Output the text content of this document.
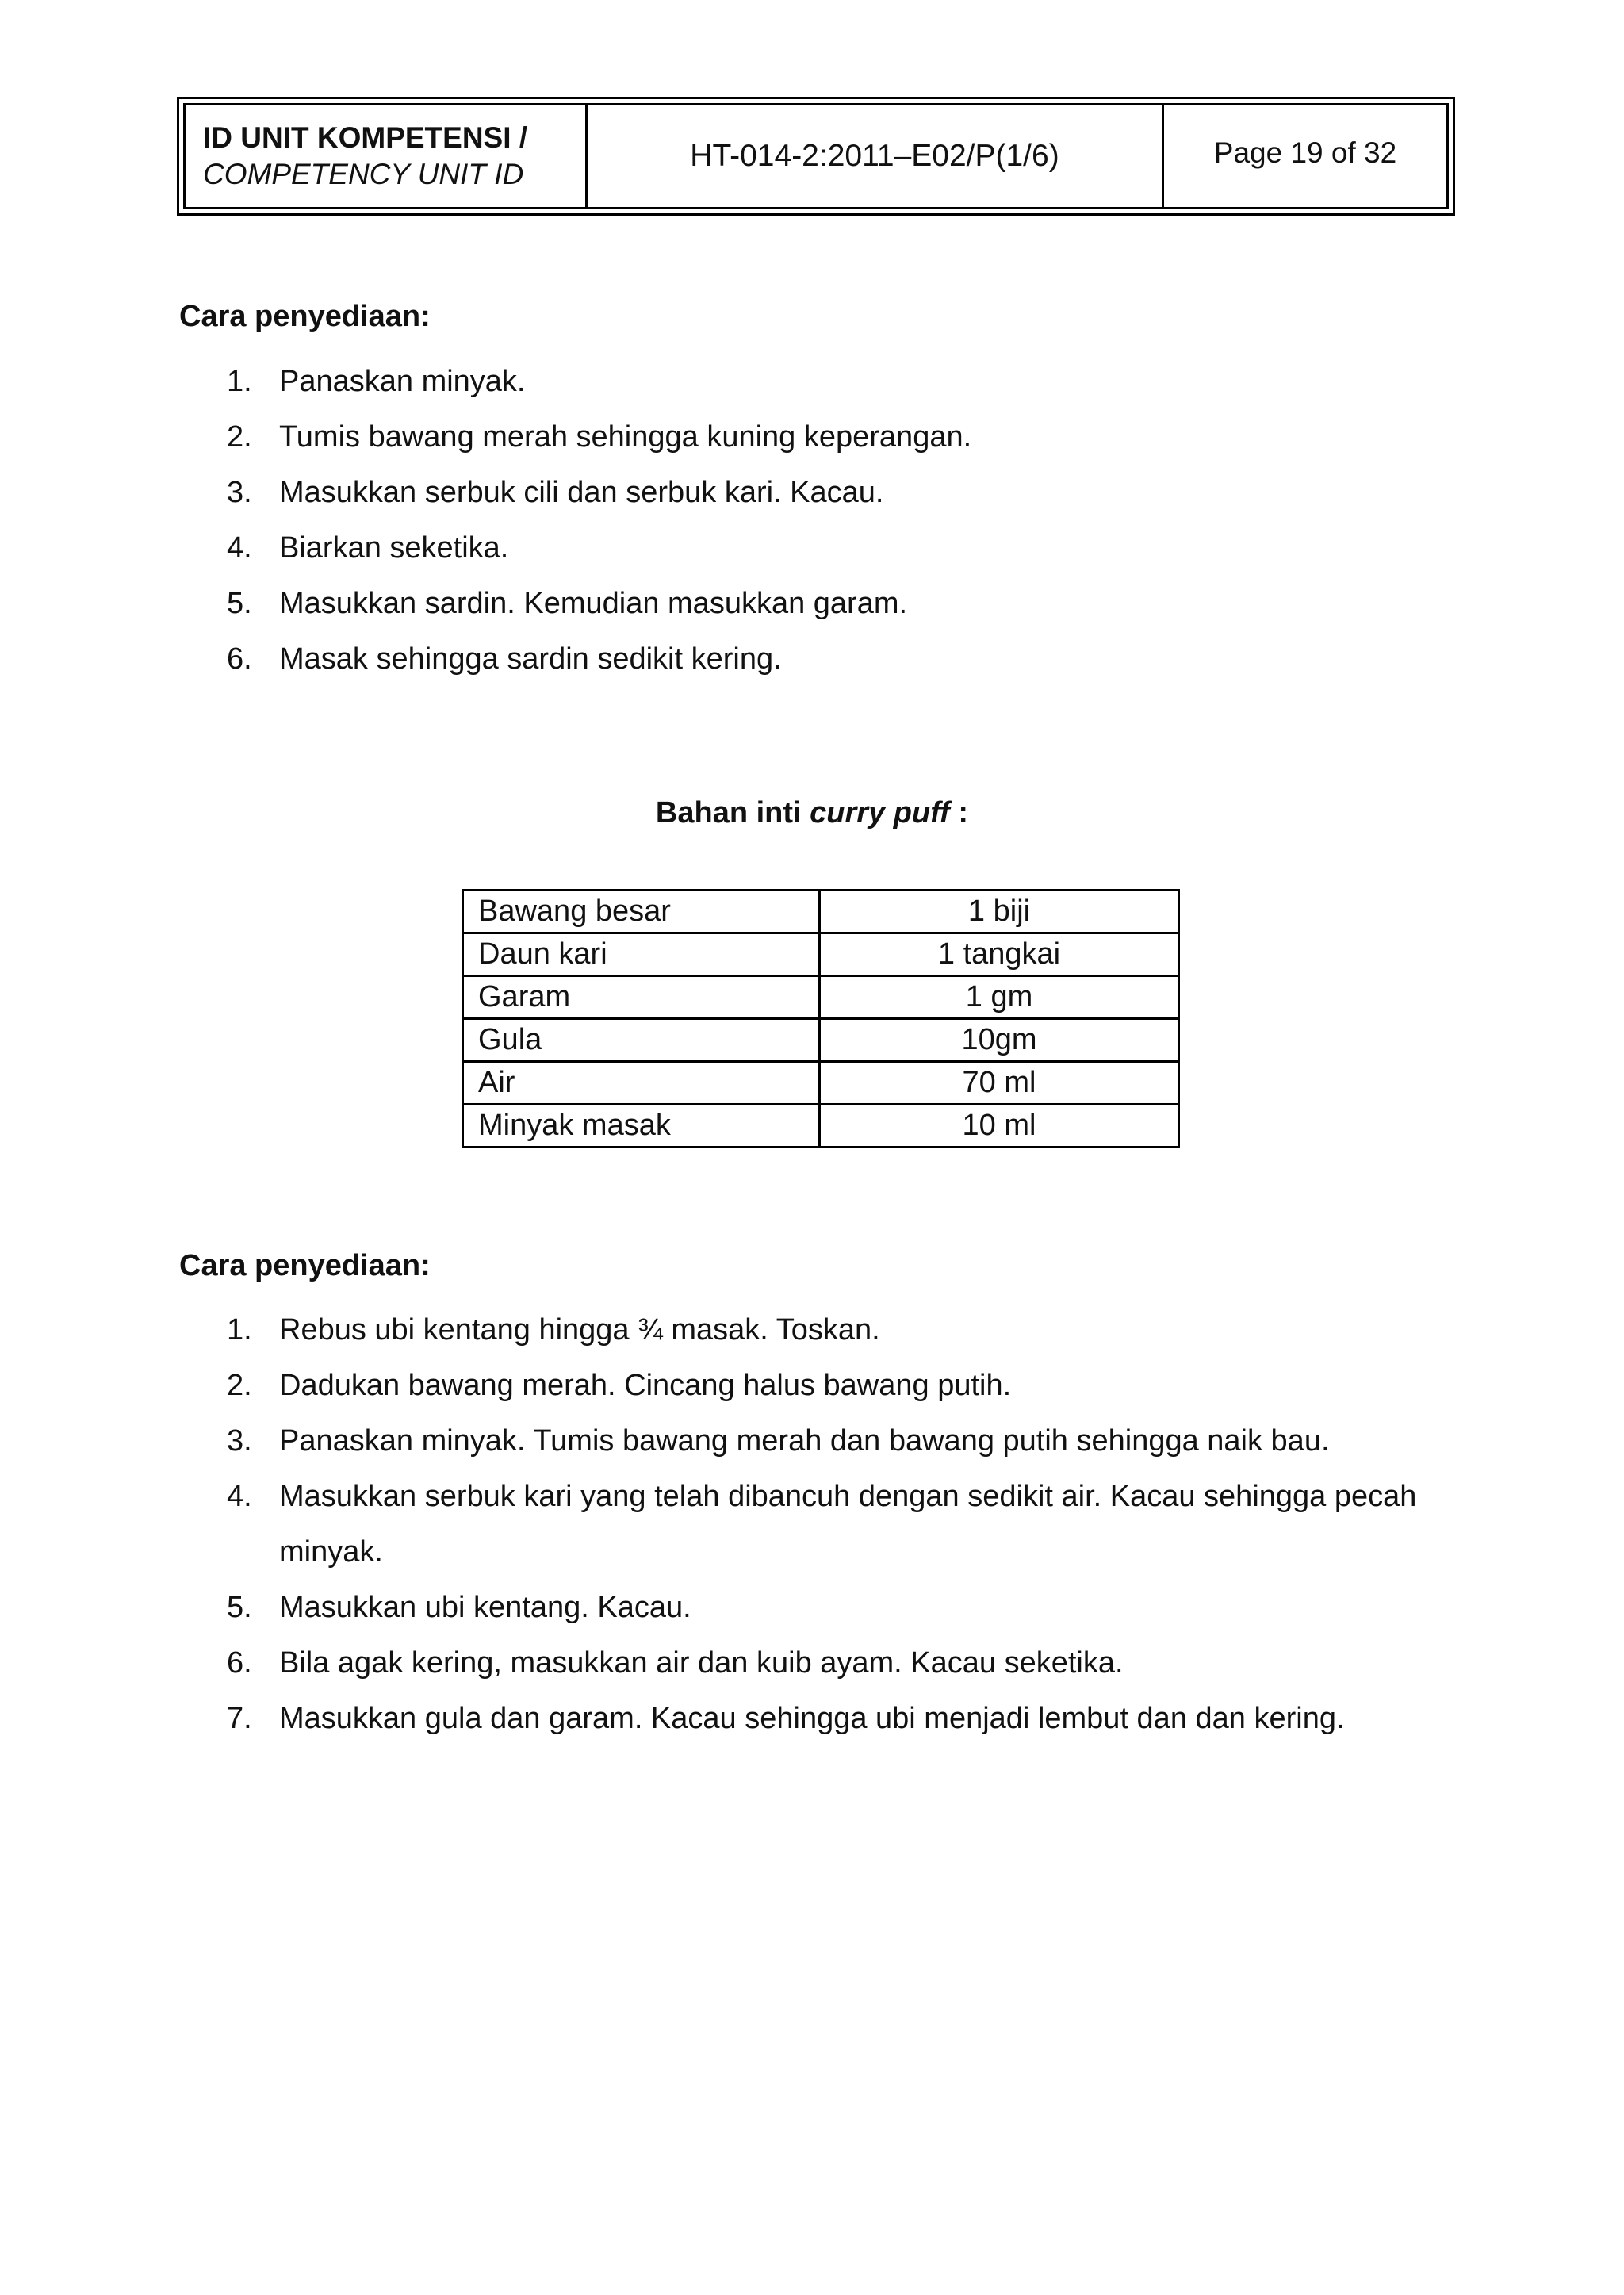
ID UNIT KOMPETENSI /
COMPETENCY UNIT ID
HT-014-2:2011–E02/P(1/6)	Page 19 of 32
Cara penyediaan:
1. Panaskan minyak.
2. Tumis bawang merah sehingga kuning keperangan.
3. Masukkan serbuk cili dan serbuk kari. Kacau.
4. Biarkan seketika.
5. Masukkan sardin. Kemudian masukkan garam.
6. Masak sehingga sardin sedikit kering.
Bahan inti curry puff :
Bawang besar	1 biji
Daun kari	1 tangkai
Garam	1 gm
Gula	10gm
Air	70 ml
Minyak masak	10 ml
Cara penyediaan:
1. Rebus ubi kentang hingga ¾ masak. Toskan.
2. Dadukan bawang merah. Cincang halus bawang putih.
3. Panaskan minyak. Tumis bawang merah dan bawang putih sehingga naik bau.
4. Masukkan serbuk kari yang telah dibancuh dengan sedikit air. Kacau sehingga pecah minyak.
5. Masukkan ubi kentang. Kacau.
6. Bila agak kering, masukkan air dan kuib ayam. Kacau seketika.
7. Masukkan gula dan garam. Kacau sehingga ubi menjadi lembut dan dan kering.
